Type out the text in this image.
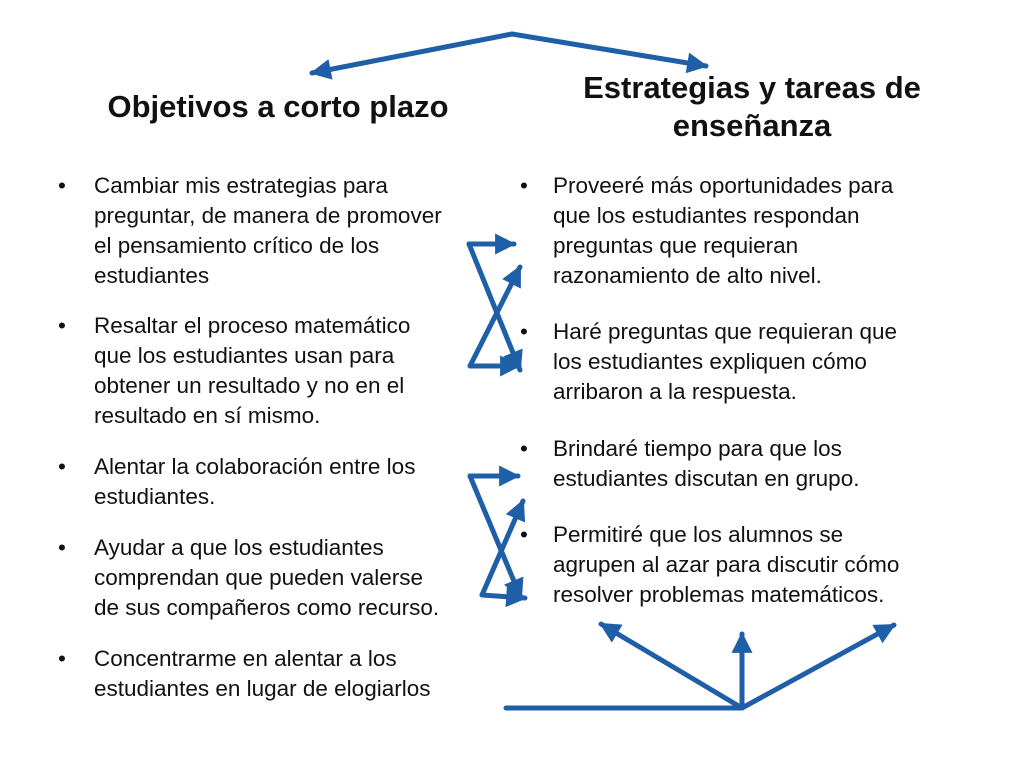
Objetivos a corto plazo
Estrategias y tareas de
enseñanza
• Cambiar mis estrategias para
preguntar, de manera de promover
el pensamiento crítico de los
estudiantes
• Resaltar el proceso matemático
que los estudiantes usan para
obtener un resultado y no en el
resultado en sí mismo.
• Alentar la colaboración entre los
estudiantes.
• Ayudar a que los estudiantes
comprendan que pueden valerse
de sus compañeros como recurso.
• Concentrarme en alentar a los
estudiantes en lugar de elogiarlos
• Proveeré más oportunidades para
que los estudiantes respondan
preguntas que requieran
razonamiento de alto nivel.
• Haré preguntas que requieran que
los estudiantes expliquen cómo
arribaron a la respuesta.
• Brindaré tiempo para que los
estudiantes discutan en grupo.
• Permitiré que los alumnos se
agrupen al azar para discutir cómo
resolver problemas matemáticos.
